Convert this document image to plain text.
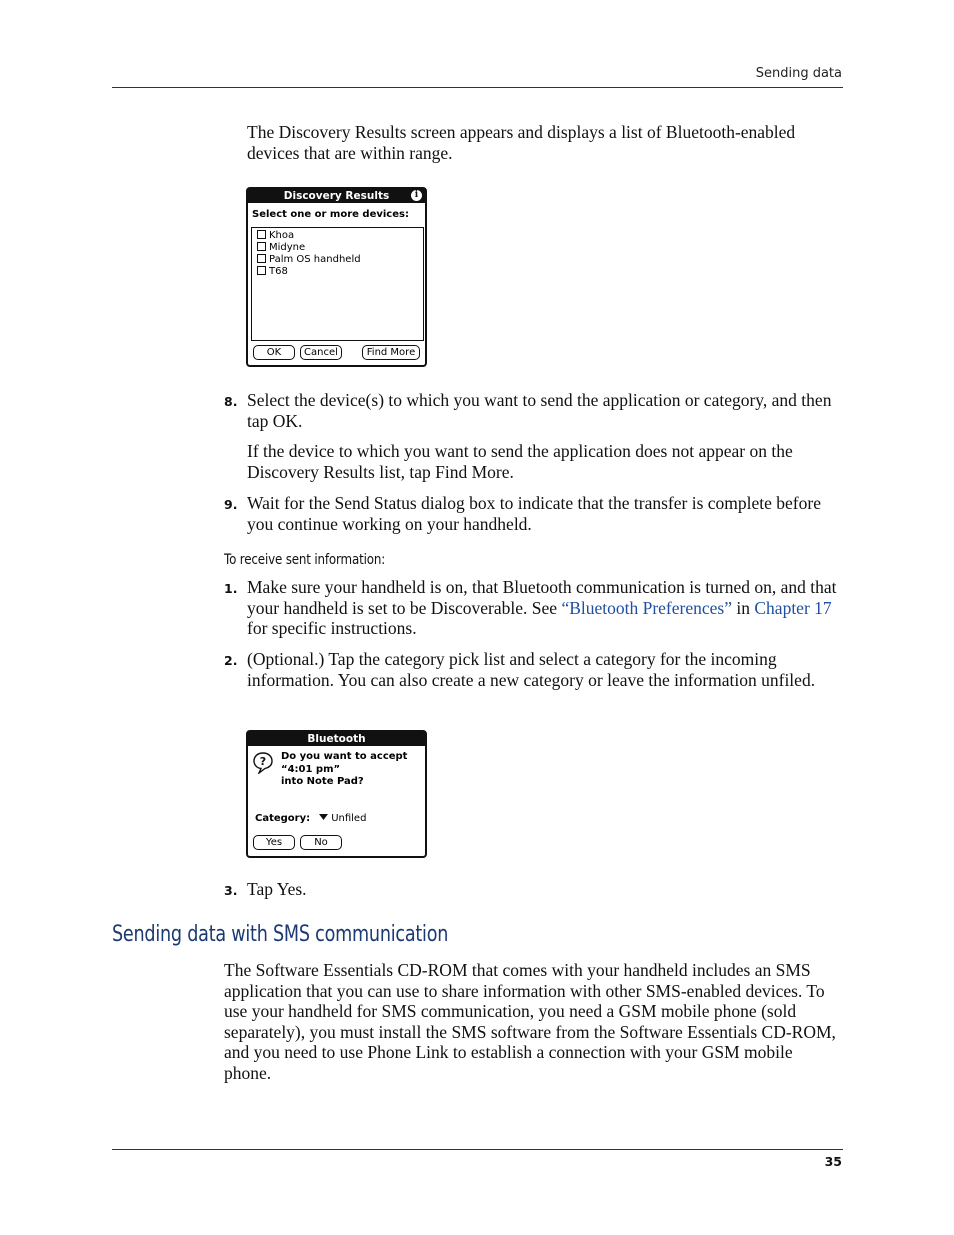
Sending data

The Discovery Results screen appears and displays a list of Bluetooth-enabled devices that are within range.

Discovery Results	i
Select one or more devices:
Khoa
Midyne
Palm OS handheld
T68
OK	Cancel	Find More
8. Select the device(s) to which you want to send the application or category, and then tap OK.

If the device to which you want to send the application does not appear on the Discovery Results list, tap Find More.

9. Wait for the Send Status dialog box to indicate that the transfer is complete before you continue working on your handheld.

To receive sent information:
1. Make sure your handheld is on, that Bluetooth communication is turned on, and that your handheld is set to be Discoverable. See “Bluetooth Preferences” in Chapter 17 for specific instructions.

2. (Optional.) Tap the category pick list and select a category for the incoming information. You can also create a new category or leave the information unfiled.

Bluetooth
? Do you want to accept
“4:01 pm”
into Note Pad?
Category:	Unfiled
Yes	No
3. Tap Yes.

Sending data with SMS communication

The Software Essentials CD-ROM that comes with your handheld includes an SMS application that you can use to share information with other SMS-enabled devices. To use your handheld for SMS communication, you need a GSM mobile phone (sold separately), you must install the SMS software from the Software Essentials CD-ROM, and you need to use Phone Link to establish a connection with your GSM mobile phone.

35
